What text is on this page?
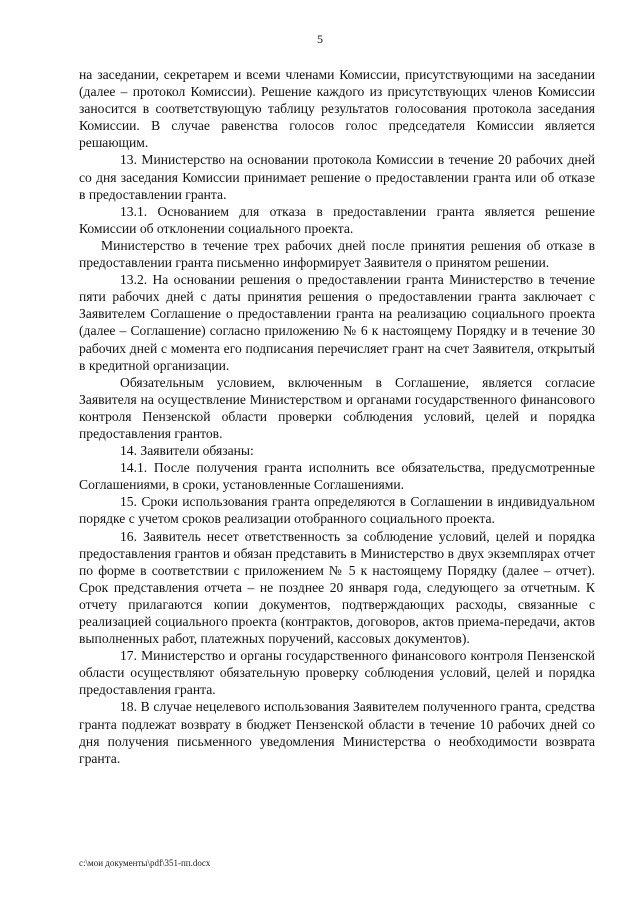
5

на заседании, секретарем и всеми членами Комиссии, присутствующими на заседании (далее – протокол Комиссии). Решение каждого из присутствующих членов Комиссии заносится в соответствующую таблицу результатов голосования протокола заседания Комиссии. В случае равенства голосов голос председателя Комиссии является решающим.

13. Министерство на основании протокола Комиссии в течение 20 рабочих дней со дня заседания Комиссии принимает решение о предоставлении гранта или об отказе в предоставлении гранта.

13.1. Основанием для отказа в предоставлении гранта является решение Комиссии об отклонении социального проекта.

Министерство в течение трех рабочих дней после принятия решения об отказе в предоставлении гранта письменно информирует Заявителя о принятом решении.

13.2. На основании решения о предоставлении гранта Министерство в течение пяти рабочих дней с даты принятия решения о предоставлении гранта заключает с Заявителем Соглашение о предоставлении гранта на реализацию социального проекта (далее – Соглашение) согласно приложению № 6 к настоящему Порядку и в течение 30 рабочих дней с момента его подписания перечисляет грант на счет Заявителя, открытый в кредитной организации.

Обязательным условием, включенным в Соглашение, является согласие Заявителя на осуществление Министерством и органами государственного финансового контроля Пензенской области проверки соблюдения условий, целей и порядка предоставления грантов.

14. Заявители обязаны:

14.1. После получения гранта исполнить все обязательства, предусмотренные Соглашениями, в сроки, установленные Соглашениями.

15. Сроки использования гранта определяются в Соглашении в индивидуальном порядке с учетом сроков реализации отобранного социального проекта.

16. Заявитель несет ответственность за соблюдение условий, целей и порядка предоставления грантов и обязан представить в Министерство в двух экземплярах отчет по форме в соответствии с приложением № 5 к настоящему Порядку (далее – отчет). Срок представления отчета – не позднее 20 января года, следующего за отчетным. К отчету прилагаются копии документов, подтверждающих расходы, связанные с реализацией социального проекта (контрактов, договоров, актов приема-передачи, актов выполненных работ, платежных поручений, кассовых документов).

17. Министерство и органы государственного финансового контроля Пензенской области осуществляют обязательную проверку соблюдения условий, целей и порядка предоставления гранта.

18. В случае нецелевого использования Заявителем полученного гранта, средства гранта подлежат возврату в бюджет Пензенской области в течение 10 рабочих дней со дня получения письменного уведомления Министерства о необходимости возврата гранта.

c:\мои документы\pdf\351-пп.docx
